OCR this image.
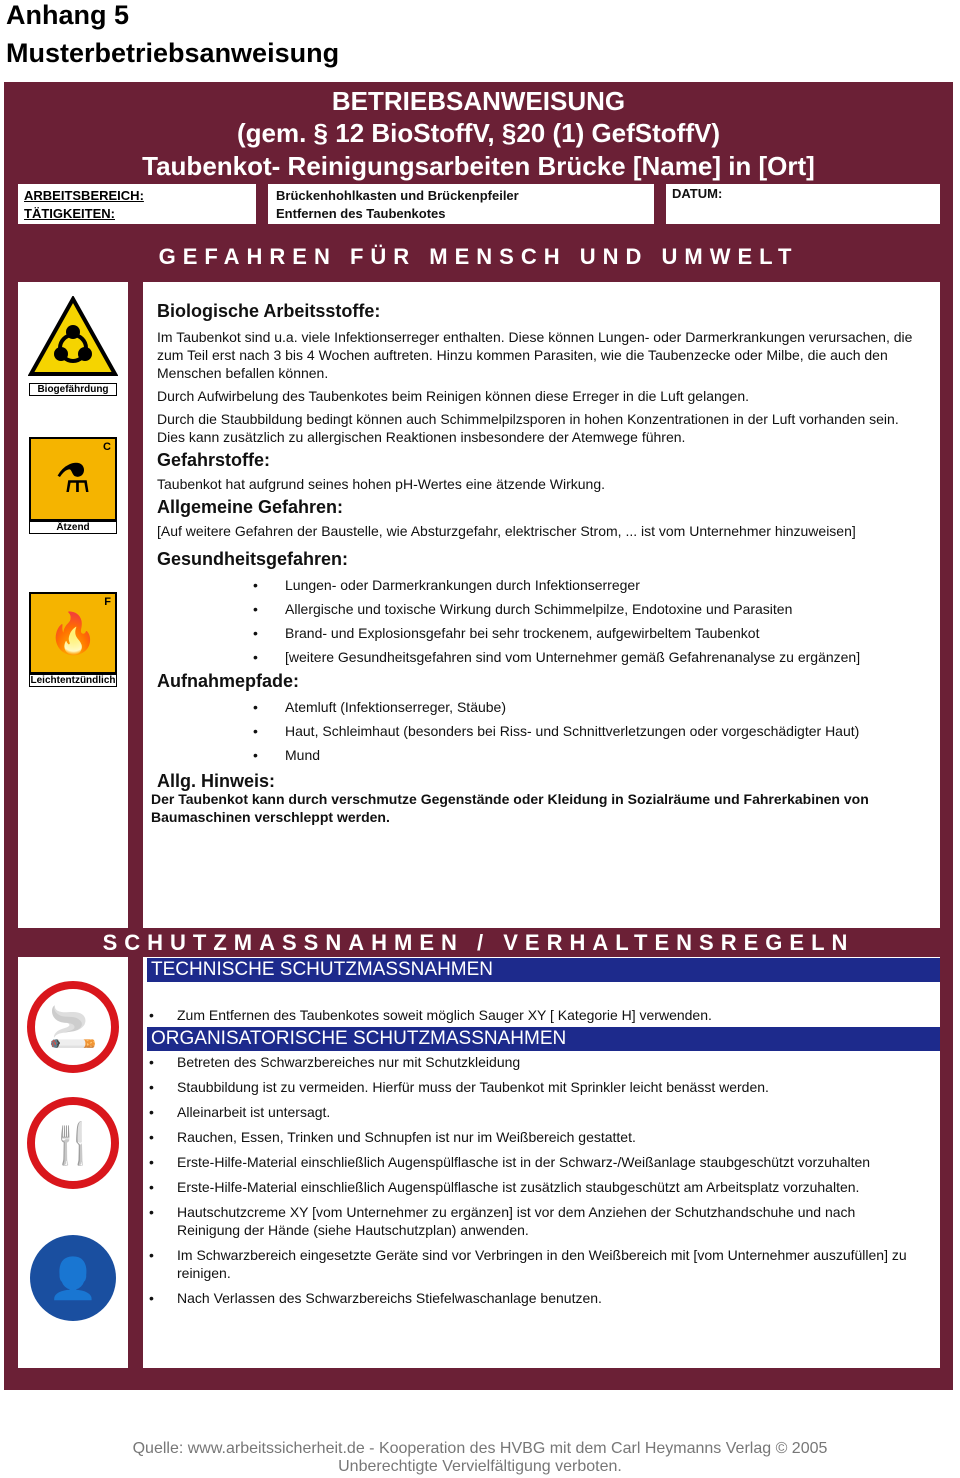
Anhang 5
Musterbetriebsanweisung
BETRIEBSANWEISUNG
(gem. § 12 BioStoffV, §20 (1) GefStoffV)
Taubenkot- Reinigungsarbeiten Brücke [Name] in [Ort]
ARBEITSBEREICH:
TÄTIGKEITEN:
Brückenhohlkasten und Brückenpfeiler
Entfernen des Taubenkotes
DATUM:
GEFAHREN FÜR MENSCH UND UMWELT
Biogefährdung
C
⚗
Ätzend
F
🔥
Leichtentzündlich
Biologische Arbeitsstoffe:

Im Taubenkot sind u.a. viele Infektionserreger enthalten. Diese können Lungen- oder Darmerkrankungen verursachen, die zum Teil erst nach 3 bis 4 Wochen auftreten. Hinzu kommen Parasiten, wie die Taubenzecke oder Milbe, die auch den Menschen befallen können.

Durch Aufwirbelung des Taubenkotes beim Reinigen können diese Erreger in die Luft gelangen.

Durch die Staubbildung bedingt können auch Schimmelpilzsporen in hohen Konzentrationen in der Luft vorhanden sein. Dies kann zusätzlich zu allergischen Reaktionen insbesondere der Atemwege führen.

Gefahrstoffe:

Taubenkot hat aufgrund seines hohen pH-Wertes eine ätzende Wirkung.

Allgemeine Gefahren:

[Auf weitere Gefahren der Baustelle, wie Absturzgefahr, elektrischer Strom, ... ist vom Unternehmer hinzuweisen]

Gesundheitsgefahren:
• Lungen- oder Darmerkrankungen durch Infektionserreger
• Allergische und toxische Wirkung durch Schimmelpilze, Endotoxine und Parasiten
• Brand- und Explosionsgefahr bei sehr trockenem, aufgewirbeltem Taubenkot
• [weitere Gesundheitsgefahren sind vom Unternehmer gemäß Gefahrenanalyse zu ergänzen]
Aufnahmepfade:
• Atemluft (Infektionserreger, Stäube)
• Haut, Schleimhaut (besonders bei Riss- und Schnittverletzungen oder vorgeschädigter Haut)
• Mund
Allg. Hinweis:

Der Taubenkot kann durch verschmutze Gegenstände oder Kleidung in Sozialräume und Fahrerkabinen von Baumaschinen verschleppt werden.

SCHUTZMASSNAHMEN / VERHALTENSREGELN
🚬
🍴
👤
TECHNISCHE SCHUTZMASSNAHMEN
• Zum Entfernen des Taubenkotes soweit möglich Sauger XY [ Kategorie H] verwenden.
ORGANISATORISCHE SCHUTZMASSNAHMEN
• Betreten des Schwarzbereiches nur mit Schutzkleidung
• Staubbildung ist zu vermeiden. Hierfür muss der Taubenkot mit Sprinkler leicht benässt werden.
• Alleinarbeit ist untersagt.
• Rauchen, Essen, Trinken und Schnupfen ist nur im Weißbereich gestattet.
• Erste-Hilfe-Material einschließlich Augenspülflasche ist in der Schwarz-/Weißanlage staubgeschützt vorzuhalten
• Erste-Hilfe-Material einschließlich Augenspülflasche ist zusätzlich staubgeschützt am Arbeitsplatz vorzuhalten.
• Hautschutzcreme XY [vom Unternehmer zu ergänzen] ist vor dem Anziehen der Schutzhandschuhe und nach Reinigung der Hände (siehe Hautschutzplan) anwenden.
• Im Schwarzbereich eingesetzte Geräte sind vor Verbringen in den Weißbereich mit [vom Unternehmer auszufüllen] zu reinigen.
• Nach Verlassen des Schwarzbereichs Stiefelwaschanlage benutzen.
Quelle: www.arbeitssicherheit.de - Kooperation des HVBG mit dem Carl Heymanns Verlag © 2005
Unberechtigte Vervielfältigung verboten.
